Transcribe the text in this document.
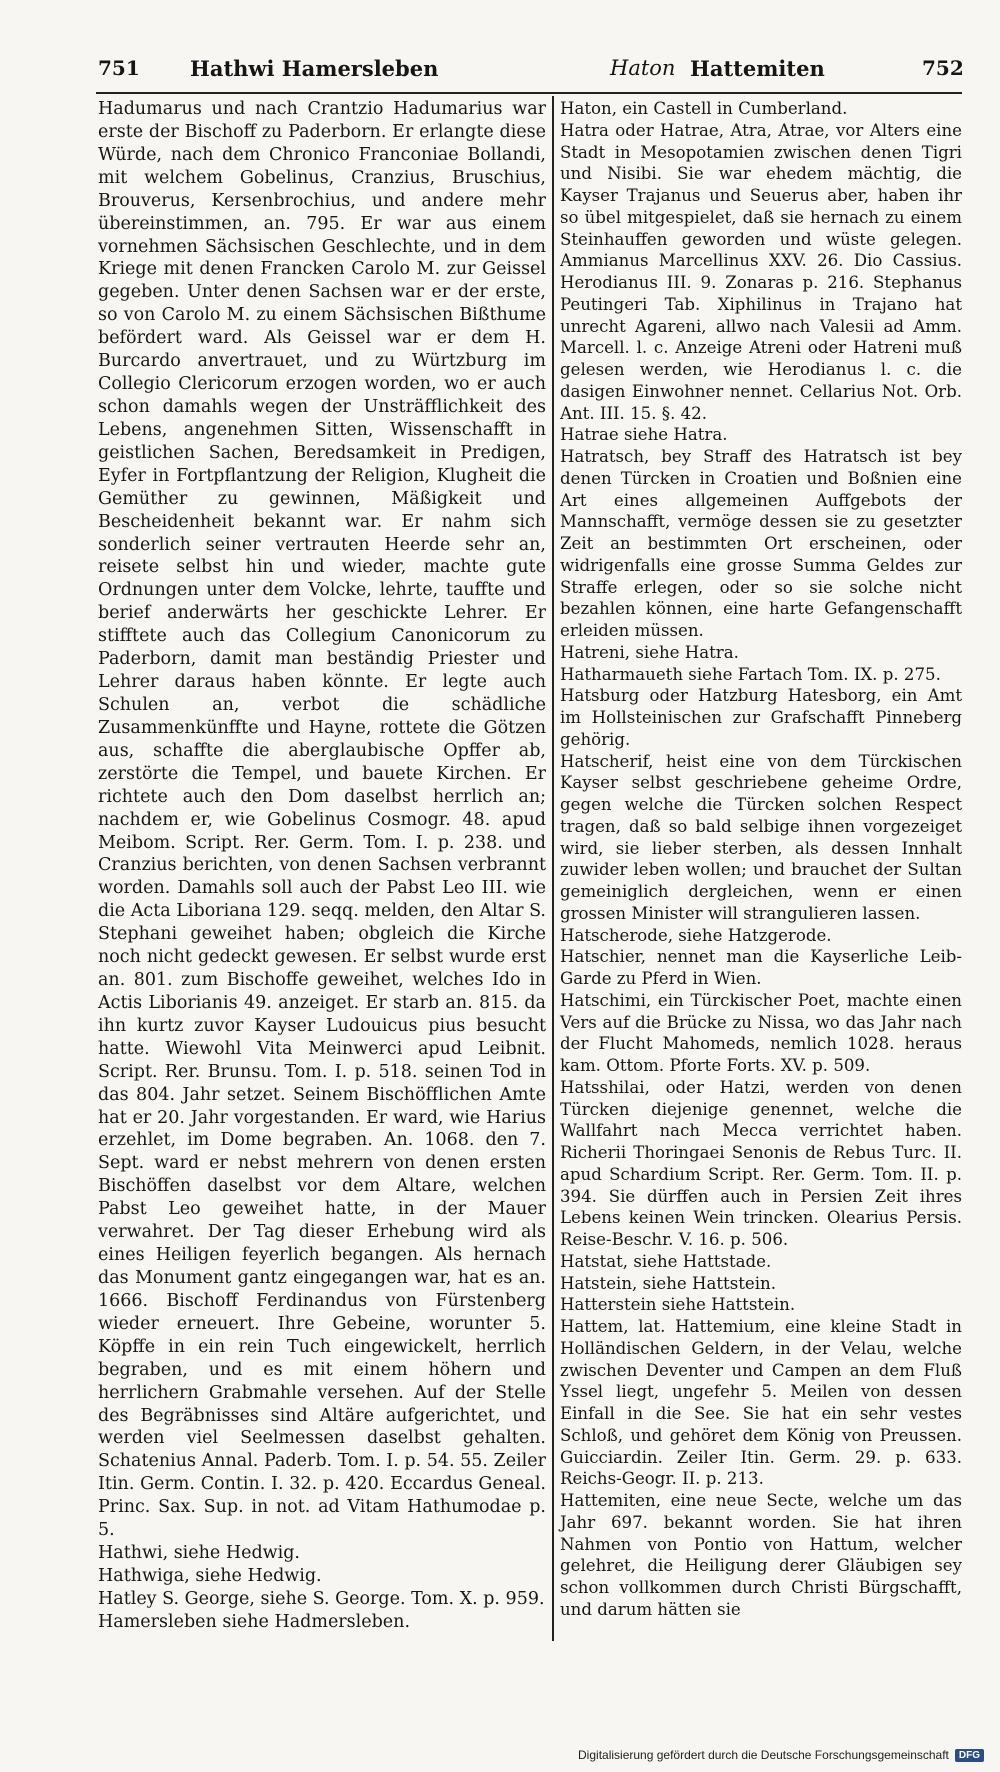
751 Hathwi Hamersleben	Haton Hattemiten	752

Hadumarus und nach Crantzio Hadumarius war erste der Bischoff zu Paderborn. Er erlangte diese Würde, nach dem Chronico Franconiae Bollandi, mit welchem Gobelinus, Cranzius, Bruschius, Brouverus, Kersenbrochius, und andere mehr übereinstimmen, an. 795. Er war aus einem vornehmen Sächsischen Geschlechte, und in dem Kriege mit denen Francken Carolo M. zur Geissel gegeben. Unter denen Sachsen war er der erste, so von Carolo M. zu einem Sächsischen Bißthume befördert ward. Als Geissel war er dem H. Burcardo anvertrauet, und zu Würtzburg im Collegio Clericorum erzogen worden, wo er auch schon damahls wegen der Unsträfflichkeit des Lebens, angenehmen Sitten, Wissenschafft in geistlichen Sachen, Beredsamkeit in Predigen, Eyfer in Fortpflantzung der Religion, Klugheit die Gemüther zu gewinnen, Mäßigkeit und Bescheidenheit bekannt war. Er nahm sich sonderlich seiner vertrauten Heerde sehr an, reisete selbst hin und wieder, machte gute Ordnungen unter dem Volcke, lehrte, tauffte und berief anderwärts her geschickte Lehrer. Er stifftete auch das Collegium Canonicorum zu Paderborn, damit man beständig Priester und Lehrer daraus haben könnte. Er legte auch Schulen an, verbot die schädliche Zusammenkünffte und Hayne, rottete die Götzen aus, schaffte die aberglaubische Opffer ab, zerstörte die Tempel, und bauete Kirchen. Er richtete auch den Dom daselbst herrlich an; nachdem er, wie Gobelinus Cosmogr. 48. apud Meibom. Script. Rer. Germ. Tom. I. p. 238. und Cranzius berichten, von denen Sachsen verbrannt worden. Damahls soll auch der Pabst Leo III. wie die Acta Liboriana 129. seqq. melden, den Altar S. Stephani geweihet haben; obgleich die Kirche noch nicht gedeckt gewesen. Er selbst wurde erst an. 801. zum Bischoffe geweihet, welches Ido in Actis Liborianis 49. anzeiget. Er starb an. 815. da ihn kurtz zuvor Kayser Ludouicus pius besucht hatte. Wiewohl Vita Meinwerci apud Leibnit. Script. Rer. Brunsu. Tom. I. p. 518. seinen Tod in das 804. Jahr setzet. Seinem Bischöfflichen Amte hat er 20. Jahr vorgestanden. Er ward, wie Harius erzehlet, im Dome begraben. An. 1068. den 7. Sept. ward er nebst mehrern von denen ersten Bischöffen daselbst vor dem Altare, welchen Pabst Leo geweihet hatte, in der Mauer verwahret. Der Tag dieser Erhebung wird als eines Heiligen feyerlich begangen. Als hernach das Monument gantz eingegangen war, hat es an. 1666. Bischoff Ferdinandus von Fürstenberg wieder erneuert. Ihre Gebeine, worunter 5. Köpffe in ein rein Tuch eingewickelt, herrlich begraben, und es mit einem höhern und herrlichern Grabmahle versehen. Auf der Stelle des Begräbnisses sind Altäre aufgerichtet, und werden viel Seelmessen daselbst gehalten. Schatenius Annal. Paderb. Tom. I. p. 54. 55. Zeiler Itin. Germ. Contin. I. 32. p. 420. Eccardus Geneal. Princ. Sax. Sup. in not. ad Vitam Hathumodae p. 5.

Hathwi, siehe Hedwig.

Hathwiga, siehe Hedwig.

Hatley S. George, siehe S. George. Tom. X. p. 959.

Hamersleben siehe Hadmersleben.

Haton, ein Castell in Cumberland.

Hatra oder Hatrae, Atra, Atrae, vor Alters eine Stadt in Mesopotamien zwischen denen Tigri und Nisibi. Sie war ehedem mächtig, die Kayser Trajanus und Seuerus aber, haben ihr so übel mitgespielet, daß sie hernach zu einem Steinhauffen geworden und wüste gelegen. Ammianus Marcellinus XXV. 26. Dio Cassius. Herodianus III. 9. Zonaras p. 216. Stephanus Peutingeri Tab. Xiphilinus in Trajano hat unrecht Agareni, allwo nach Valesii ad Amm. Marcell. l. c. Anzeige Atreni oder Hatreni muß gelesen werden, wie Herodianus l. c. die dasigen Einwohner nennet. Cellarius Not. Orb. Ant. III. 15. §. 42.

Hatrae siehe Hatra.

Hatratsch, bey Straff des Hatratsch ist bey denen Türcken in Croatien und Boßnien eine Art eines allgemeinen Auffgebots der Mannschafft, vermöge dessen sie zu gesetzter Zeit an bestimmten Ort erscheinen, oder widrigenfalls eine grosse Summa Geldes zur Straffe erlegen, oder so sie solche nicht bezahlen können, eine harte Gefangenschafft erleiden müssen.

Hatreni, siehe Hatra.

Hatharmaueth siehe Fartach Tom. IX. p. 275.

Hatsburg oder Hatzburg Hatesborg, ein Amt im Hollsteinischen zur Grafschafft Pinneberg gehörig.

Hatscherif, heist eine von dem Türckischen Kayser selbst geschriebene geheime Ordre, gegen welche die Türcken solchen Respect tragen, daß so bald selbige ihnen vorgezeiget wird, sie lieber sterben, als dessen Innhalt zuwider leben wollen; und brauchet der Sultan gemeiniglich dergleichen, wenn er einen grossen Minister will strangulieren lassen.

Hatscherode, siehe Hatzgerode.

Hatschier, nennet man die Kayserliche Leib-Garde zu Pferd in Wien.

Hatschimi, ein Türckischer Poet, machte einen Vers auf die Brücke zu Nissa, wo das Jahr nach der Flucht Mahomeds, nemlich 1028. heraus kam. Ottom. Pforte Forts. XV. p. 509.

Hatsshilai, oder Hatzi, werden von denen Türcken diejenige genennet, welche die Wallfahrt nach Mecca verrichtet haben. Richerii Thoringaei Senonis de Rebus Turc. II. apud Schardium Script. Rer. Germ. Tom. II. p. 394. Sie dürffen auch in Persien Zeit ihres Lebens keinen Wein trincken. Olearius Persis. Reise-Beschr. V. 16. p. 506.

Hatstat, siehe Hattstade.

Hatstein, siehe Hattstein.

Hatterstein siehe Hattstein.

Hattem, lat. Hattemium, eine kleine Stadt in Holländischen Geldern, in der Velau, welche zwischen Deventer und Campen an dem Fluß Yssel liegt, ungefehr 5. Meilen von dessen Einfall in die See. Sie hat ein sehr vestes Schloß, und gehöret dem König von Preussen. Guicciardin. Zeiler Itin. Germ. 29. p. 633. Reichs-Geogr. II. p. 213.

Hattemiten, eine neue Secte, welche um das Jahr 697. bekannt worden. Sie hat ihren Nahmen von Pontio von Hattum, welcher gelehret, die Heiligung derer Gläubigen sey schon vollkommen durch Christi Bürgschafft, und darum hätten sie

Digitalisierung gefördert durch die Deutsche Forschungsgemeinschaft	DFG
